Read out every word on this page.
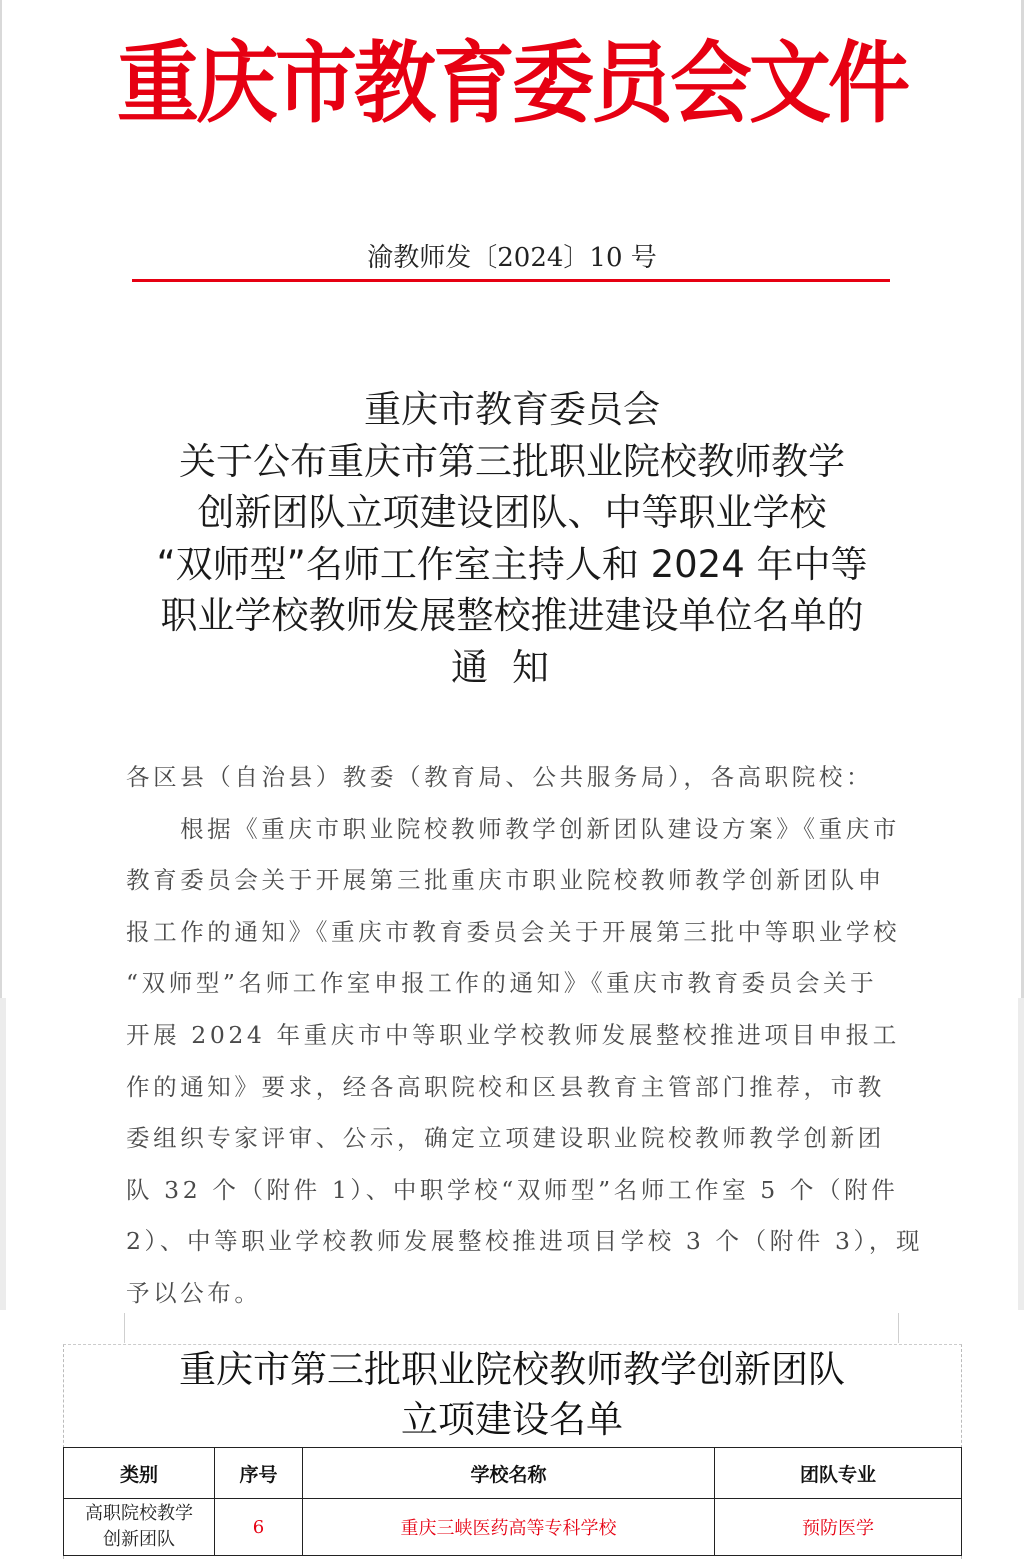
重庆市教育委员会文件
渝教师发〔2024〕10 号
重庆市教育委员会
关于公布重庆市第三批职业院校教师教学
创新团队立项建设团队、中等职业学校
“双师型”名师工作室主持人和 2024 年中等
职业学校教师发展整校推进建设单位名单的
通知
各区县（自治县）教委（教育局、公共服务局），各高职院校：
根据《重庆市职业院校教师教学创新团队建设方案》《重庆市
教育委员会关于开展第三批重庆市职业院校教师教学创新团队申
报工作的通知》《重庆市教育委员会关于开展第三批中等职业学校
“双师型”名师工作室申报工作的通知》《重庆市教育委员会关于
开展 2024 年重庆市中等职业学校教师发展整校推进项目申报工
作的通知》要求，经各高职院校和区县教育主管部门推荐，市教
委组织专家评审、公示，确定立项建设职业院校教师教学创新团
队 32 个（附件 1）、中职学校“双师型”名师工作室 5 个（附件
2）、中等职业学校教师发展整校推进项目学校 3 个（附件 3），现
予以公布。
重庆市第三批职业院校教师教学创新团队
立项建设名单
类别	序号	学校名称	团队专业

高职院校教学
创新团队	6	重庆三峡医药高等专科学校	预防医学
